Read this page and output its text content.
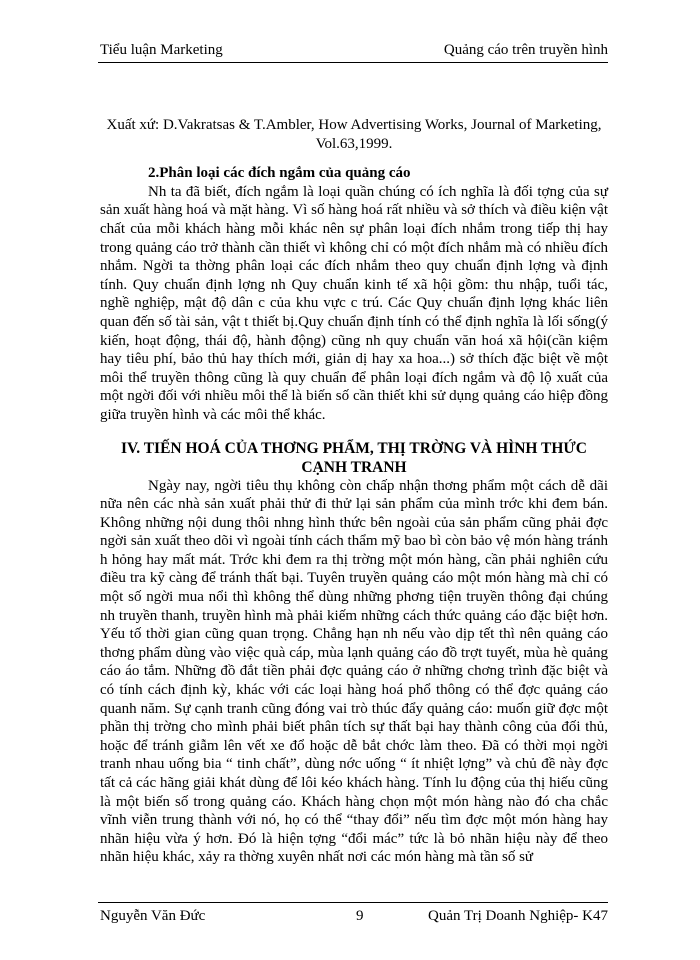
Tiểu luận Marketing	Quảng cáo trên truyền hình

Xuất xứ: D.Vakratsas & T.Ambler, How Advertising Works, Journal of Marketing, Vol.63,1999.

2.Phân loại các đích ngắm của quảng cáo

Nh ta đã biết, đích ngắm là loại quần chúng có ích nghĩa là đối tợng của sự sản xuất hàng hoá và mặt hàng. Vì số hàng hoá rất nhiều và sở thích và điều kiện vật chất của mỗi khách hàng mỗi khác nên sự phân loại đích nhắm trong tiếp thị hay trong quảng cáo trở thành cần thiết vì không chỉ có một đích nhắm mà có nhiều đích nhắm. Ngời ta thờng phân loại các đích nhắm theo quy chuẩn định lợng và định tính. Quy chuẩn định lợng nh Quy chuẩn kinh tế xã hội gồm: thu nhập, tuổi tác, nghề nghiệp, mật độ dân c của khu vực c trú. Các Quy chuẩn định lợng khác liên quan đến số tài sản, vật t thiết bị.Quy chuẩn định tính có thể định nghĩa là lối sống(ý kiến, hoạt động, thái độ, hành động) cũng nh quy chuẩn văn hoá xã hội(cần kiệm hay tiêu phí, bảo thủ hay thích mới, giản dị hay xa hoa...) sở thích đặc biệt về một môi thể truyền thông cũng là quy chuẩn để phân loại đích ngắm và độ lộ xuất của một ngời đối với nhiều môi thể là biến số cần thiết khi sử dụng quảng cáo hiệp đồng giữa truyền hình và các môi thể khác.

IV. TIẾN HOÁ CỦA THƠNG PHẨM, THỊ TRỜNG VÀ HÌNH THỨC CẠNH TRANH

Ngày nay, ngời tiêu thụ không còn chấp nhận thơng phẩm một cách dễ dãi nữa nên các nhà sản xuất phải thử đi thử lại sản phẩm của mình trớc khi đem bán. Không những nội dung thôi nhng hình thức bên ngoài của sản phẩm cũng phải đợc ngời sản xuất theo dõi vì ngoài tính cách thẩm mỹ bao bì còn bảo vệ món hàng tránh h hỏng hay mất mát. Trớc khi đem ra thị trờng một món hàng, cần phải nghiên cứu điều tra kỹ càng để tránh thất bại. Tuyên truyền quảng cáo một món hàng mà chỉ có một số ngời mua nổi thì không thể dùng những phơng tiện truyền thông đại chúng nh truyền thanh, truyền hình mà phải kiếm những cách thức quảng cáo đặc biệt hơn. Yếu tố thời gian cũng quan trọng. Chẳng hạn nh nếu vào dịp tết thì nên quảng cáo thơng phẩm dùng vào việc quà cáp, mùa lạnh quảng cáo đồ trợt tuyết, mùa hè quảng cáo áo tắm. Những đồ đắt tiền phải đợc quảng cáo ở những chơng trình đặc biệt và có tính cách định kỳ, khác với các loại hàng hoá phổ thông có thể đợc quảng cáo quanh năm. Sự cạnh tranh cũng đóng vai trò thúc đẩy quảng cáo: muốn giữ đợc một phần thị trờng cho mình phải biết phân tích sự thất bại hay thành công của đối thủ, hoặc để tránh giẫm lên vết xe đổ hoặc dễ bắt chớc làm theo. Đã có thời mọi ngời tranh nhau uống bia “ tinh chất”, dùng nớc uống “ ít nhiệt lợng” và chủ đề này đợc tất cả các hãng giải khát dùng để lôi kéo khách hàng. Tính lu động của thị hiếu cũng là một biến số trong quảng cáo. Khách hàng chọn một món hàng nào đó cha chắc vĩnh viễn trung thành với nó, họ có thể “thay đổi” nếu tìm đợc một món hàng hay nhãn hiệu vừa ý hơn. Đó là hiện tợng “đổi mác” tức là bỏ nhãn hiệu này để theo nhãn hiệu khác, xảy ra thờng xuyên nhất nơi các món hàng mà tần số sử

Nguyễn Văn Đức	9	Quản Trị Doanh Nghiệp- K47
